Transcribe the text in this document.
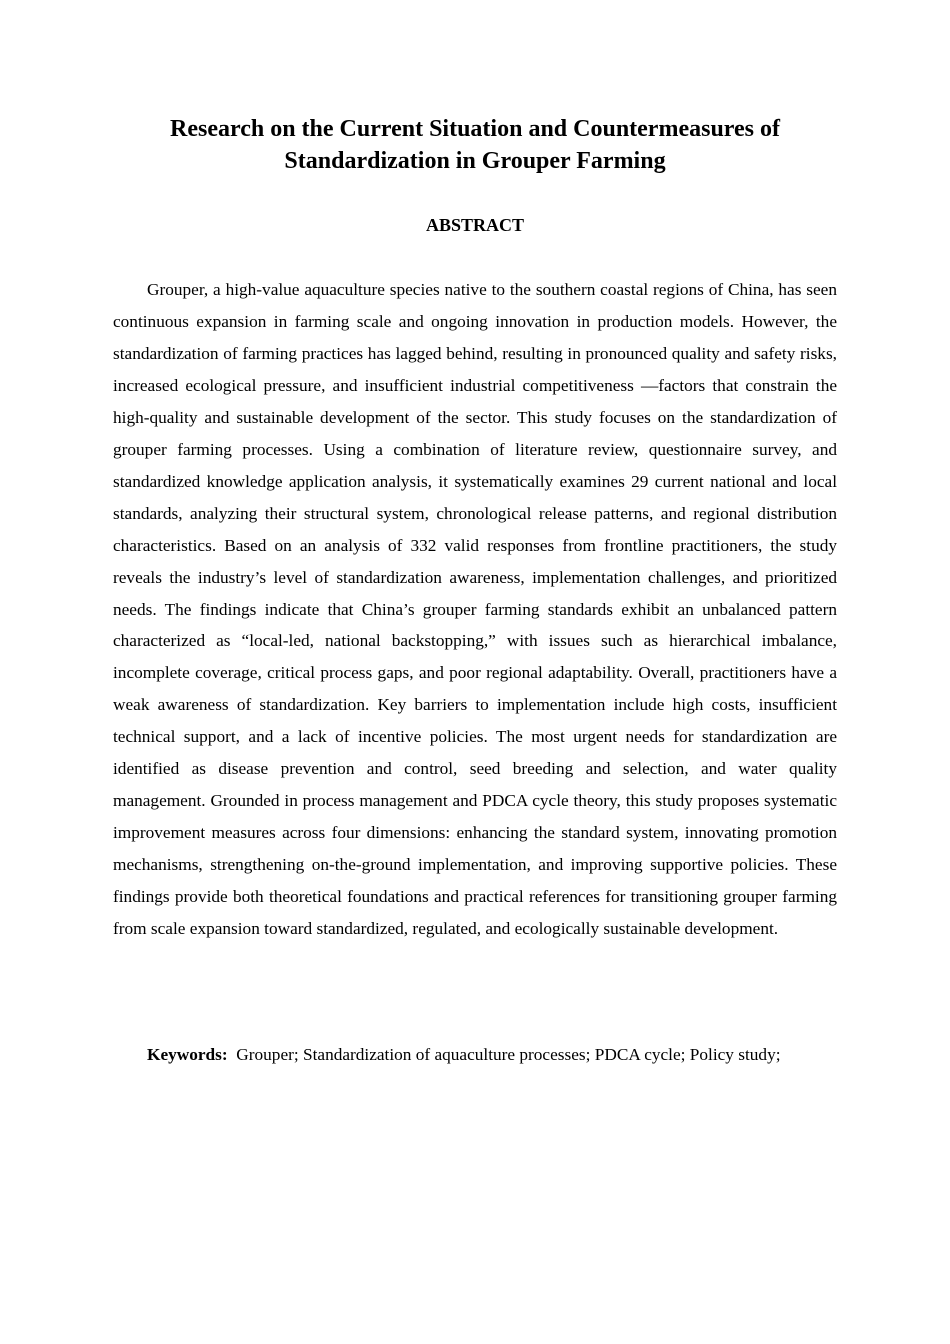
Research on the Current Situation and Countermeasures of
Standardization in Grouper Farming
ABSTRACT

Grouper, a high-value aquaculture species native to the southern coastal regions of China, has seen continuous expansion in farming scale and ongoing innovation in production models. However, the standardization of farming practices has lagged behind, resulting in pronounced quality and safety risks, increased ecological pressure, and insufficient industrial competitiveness —factors that constrain the high-quality and sustainable development of the sector. This study focuses on the standardization of grouper farming processes. Using a combination of literature review, questionnaire survey, and standardized knowledge application analysis, it systematically examines 29 current national and local standards, analyzing their structural system, chronological release patterns, and regional distribution characteristics. Based on an analysis of 332 valid responses from frontline practitioners, the study reveals the industry’s level of standardization awareness, implementation challenges, and prioritized needs. The findings indicate that China’s grouper farming standards exhibit an unbalanced pattern characterized as “local-led, national backstopping,” with issues such as hierarchical imbalance, incomplete coverage, critical process gaps, and poor regional adaptability. Overall, practitioners have a weak awareness of standardization. Key barriers to implementation include high costs, insufficient technical support, and a lack of incentive policies. The most urgent needs for standardization are identified as disease prevention and control, seed breeding and selection, and water quality management. Grounded in process management and PDCA cycle theory, this study proposes systematic improvement measures across four dimensions: enhancing the standard system, innovating promotion mechanisms, strengthening on-the-ground implementation, and improving supportive policies. These findings provide both theoretical foundations and practical references for transitioning grouper farming from scale expansion toward standardized, regulated, and ecologically sustainable development.

Keywords: Grouper; Standardization of aquaculture processes; PDCA cycle; Policy study;
